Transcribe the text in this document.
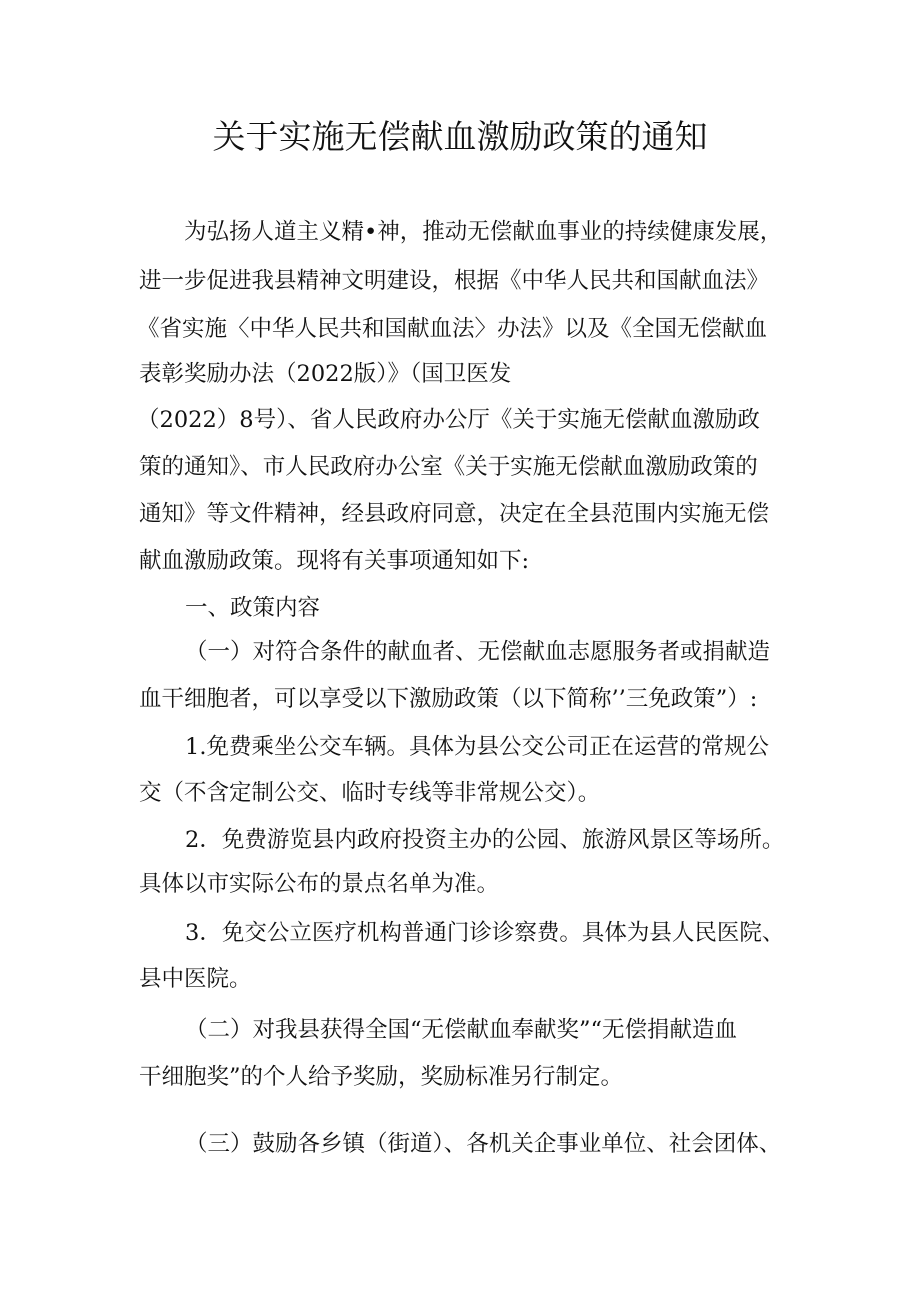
关于实施无偿献血激励政策的通知
为弘扬人道主义精•神，推动无偿献血事业的持续健康发展，
进一步促进我县精神文明建设，根据《中华人民共和国献血法》
《省实施〈中华人民共和国献血法〉办法》以及《全国无偿献血
表彰奖励办法（2022版）》（国卫医发
（2022）8号）、省人民政府办公厅《关于实施无偿献血激励政
策的通知》、市人民政府办公室《关于实施无偿献血激励政策的
通知》等文件精神，经县政府同意，决定在全县范围内实施无偿
献血激励政策。现将有关事项通知如下:
一、政策内容
（一）对符合条件的献血者、无偿献血志愿服务者或捐献造
血干细胞者，可以享受以下激励政策（以下简称’’三免政策”）:
1.免费乘坐公交车辆。具体为县公交公司正在运营的常规公
交（不含定制公交、临时专线等非常规公交）。
2．免费游览县内政府投资主办的公园、旅游风景区等场所。
具体以市实际公布的景点名单为准。
3．免交公立医疗机构普通门诊诊察费。具体为县人民医院、
县中医院。
（二）对我县获得全国“无偿献血奉献奖”“无偿捐献造血
干细胞奖”的个人给予奖励，奖励标准另行制定。
（三）鼓励各乡镇（街道）、各机关企事业单位、社会团体、
